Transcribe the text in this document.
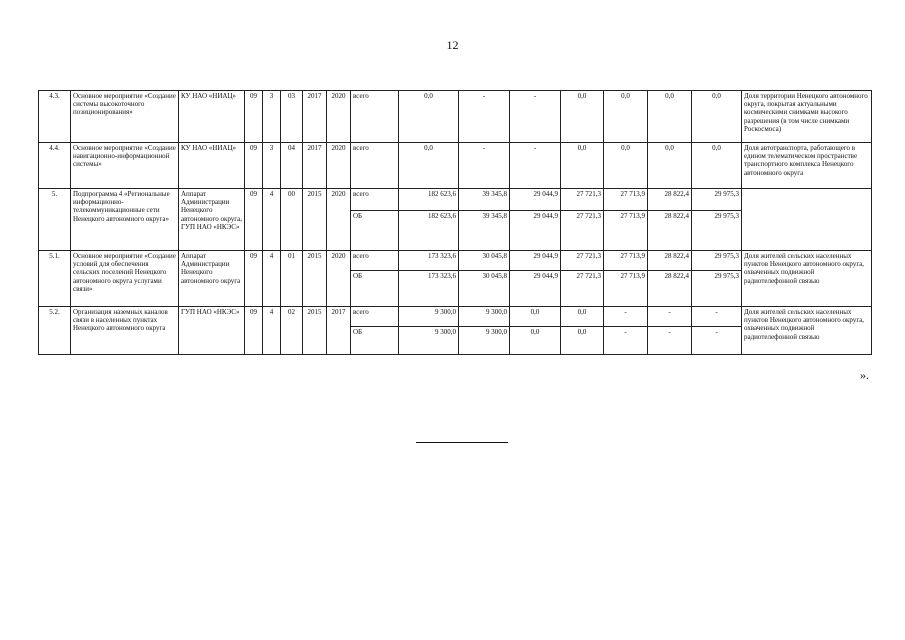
12
4.3.	Основное мероприятие «Создание системы высокоточного позиционирования»	КУ НАО «НИАЦ»	09	3	03	2017	2020	всего	0,0	-	-	0,0	0,0	0,0	0,0	Доля территории Ненецкого автономного округа, покрытая актуальными космическими снимками высокого разрешения (в том числе снимками Роскосмоса)
4.4.	Основное мероприятие «Создание навигационно-информационной системы»	КУ НАО «НИАЦ»	09	3	04	2017	2020	всего	0,0	-	-	0,0	0,0	0,0	0,0	Доля автотранспорта, работающего в едином телематическом пространстве транспортного комплекса Ненецкого автономного округа
5.	Подпрограмма 4 «Региональные информационно-телекоммуникационные сети Ненецкого автономного округа»	Аппарат Администрации Ненецкого автономного округа, ГУП НАО «НКЭС»	09	4	00	2015	2020	всего	182 623,6	39 345,8	29 044,9	27 721,3	27 713,9	28 822,4	29 975,3	
								ОБ	182 623,6	39 345,8	29 044,9	27 721,3	27 713,9	28 822,4	29 975,3	
5.1.	Основное мероприятие «Создание условий для обеспечения сельских поселений Ненецкого автономного округа услугами связи»	Аппарат Администрации Ненецкого автономного округа	09	4	01	2015	2020	всего	173 323,6	30 045,8	29 044,9	27 721,3	27 713,9	28 822,4	29 975,3	Доля жителей сельских населенных пунктов Ненецкого автономного округа, охваченных подвижной радиотелефонной связью
								ОБ	173 323,6	30 045,8	29 044,9	27 721,3	27 713,9	28 822,4	29 975,3	
5.2.	Организация наземных каналов связи в населенных пунктах Ненецкого автономного округа	ГУП НАО «НКЭС»	09	4	02	2015	2017	всего	9 300,0	9 300,0	0,0	0,0	-	-	-	Доля жителей сельских населенных пунктов Ненецкого автономного округа, охваченных подвижной радиотелефонной связью
								ОБ	9 300,0	9 300,0	0,0	0,0	-	-	-	
».
